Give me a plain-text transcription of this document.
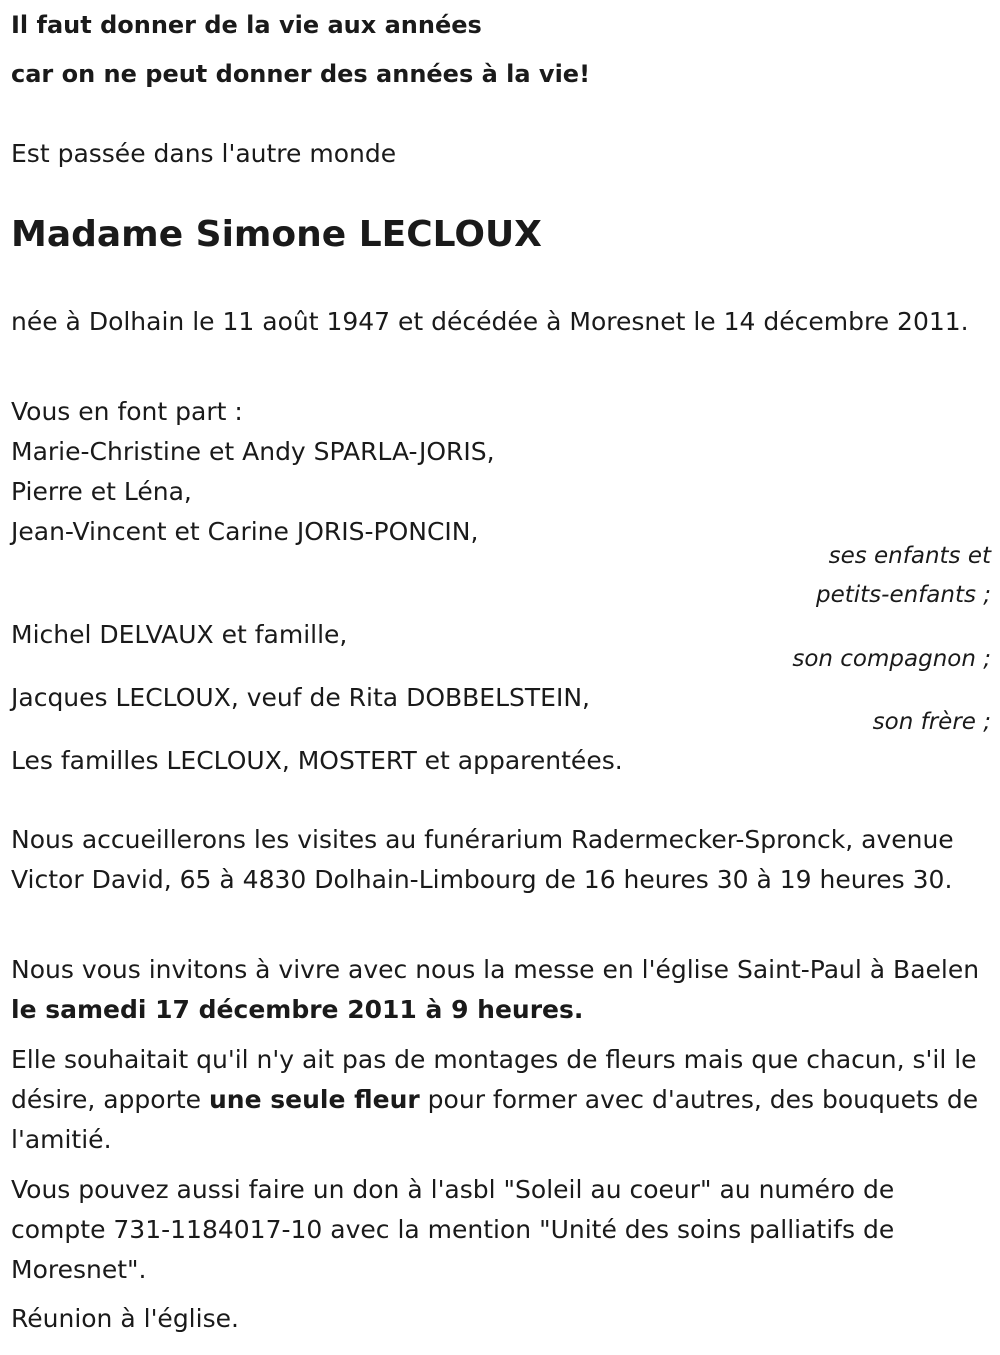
Il faut donner de la vie aux années
car on ne peut donner des années à la vie!
Est passée dans l'autre monde
Madame Simone LECLOUX
née à Dolhain le 11 août 1947 et décédée à Moresnet le 14 décembre 2011.
Vous en font part :
Marie-Christine et Andy SPARLA-JORIS,
Pierre et Léna,
Jean-Vincent et Carine JORIS-PONCIN,
ses enfants et
petits-enfants ;
Michel DELVAUX et famille,
son compagnon ;
Jacques LECLOUX, veuf de Rita DOBBELSTEIN,
son frère ;
Les familles LECLOUX, MOSTERT et apparentées.
Nous accueillerons les visites au funérarium Radermecker-Spronck, avenue Victor David, 65 à 4830 Dolhain-Limbourg de 16 heures 30 à 19 heures 30.
Nous vous invitons à vivre avec nous la messe en l'église Saint-Paul à Baelen le samedi 17 décembre 2011 à 9 heures.
Elle souhaitait qu'il n'y ait pas de montages de fleurs mais que chacun, s'il le désire, apporte une seule fleur pour former avec d'autres, des bouquets de l'amitié.
Vous pouvez aussi faire un don à l'asbl "Soleil au coeur" au numéro de compte 731-1184017-10 avec la mention "Unité des soins palliatifs de Moresnet".
Réunion à l'église.
